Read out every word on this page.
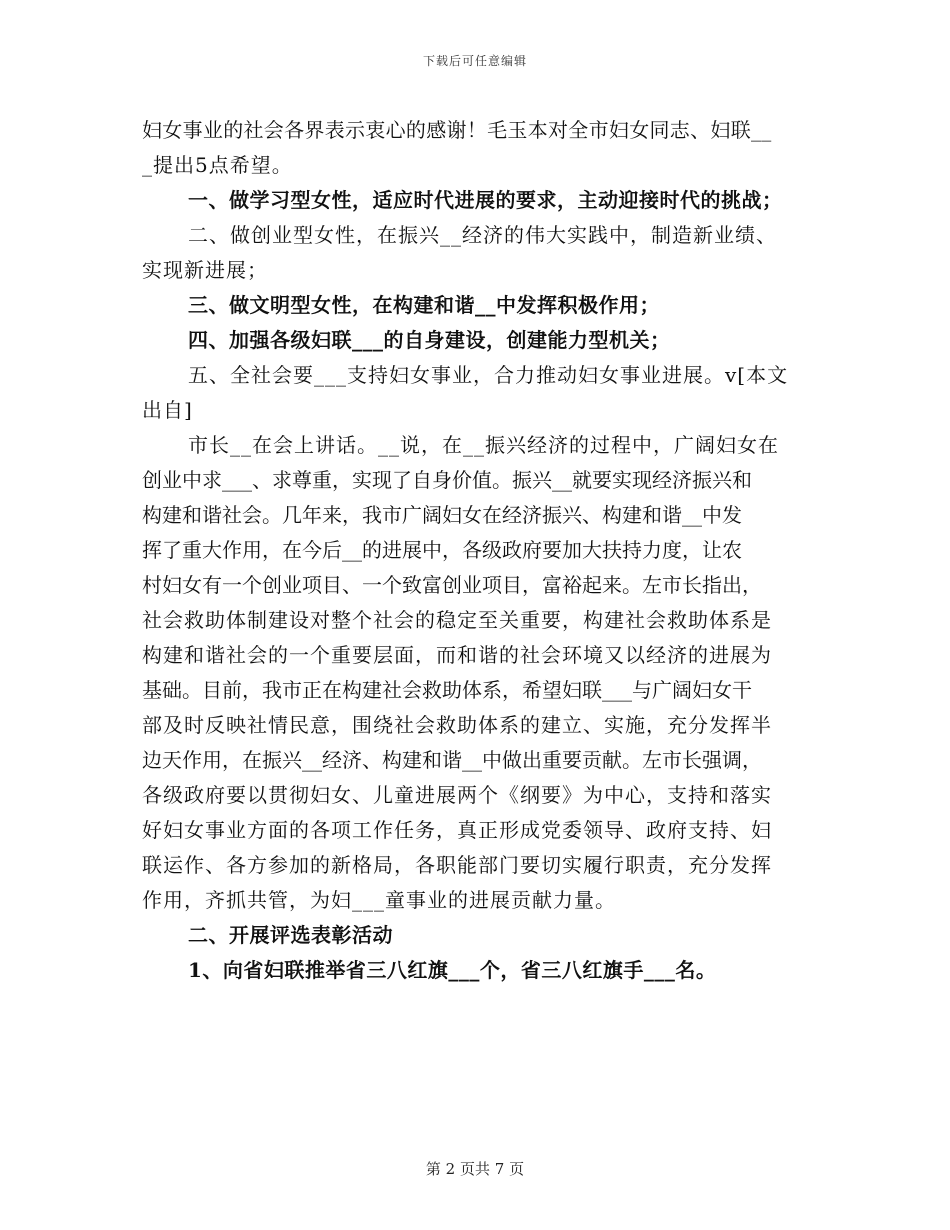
下载后可任意编辑
妇女事业的社会各界表示衷心的感谢！毛玉本对全市妇女同志、妇联__
_提出5点希望。
一、做学习型女性，适应时代进展的要求，主动迎接时代的挑战；
二、做创业型女性，在振兴__经济的伟大实践中，制造新业绩、
实现新进展；
三、做文明型女性，在构建和谐__中发挥积极作用；
四、加强各级妇联___的自身建设，创建能力型机关；
五、全社会要___支持妇女事业，合力推动妇女事业进展。v[本文
出自]
市长__在会上讲话。__说，在__振兴经济的过程中，广阔妇女在
创业中求___、求尊重，实现了自身价值。振兴__就要实现经济振兴和
构建和谐社会。几年来，我市广阔妇女在经济振兴、构建和谐__中发
挥了重大作用，在今后__的进展中，各级政府要加大扶持力度，让农
村妇女有一个创业项目、一个致富创业项目，富裕起来。左市长指出，
社会救助体制建设对整个社会的稳定至关重要，构建社会救助体系是
构建和谐社会的一个重要层面，而和谐的社会环境又以经济的进展为
基础。目前，我市正在构建社会救助体系，希望妇联___与广阔妇女干
部及时反映社情民意，围绕社会救助体系的建立、实施，充分发挥半
边天作用，在振兴__经济、构建和谐__中做出重要贡献。左市长强调，
各级政府要以贯彻妇女、儿童进展两个《纲要》为中心，支持和落实
好妇女事业方面的各项工作任务，真正形成党委领导、政府支持、妇
联运作、各方参加的新格局，各职能部门要切实履行职责，充分发挥
作用，齐抓共管，为妇___童事业的进展贡献力量。
二、开展评选表彰活动
1、向省妇联推举省三八红旗___个，省三八红旗手___名。
第 2 页共 7 页
